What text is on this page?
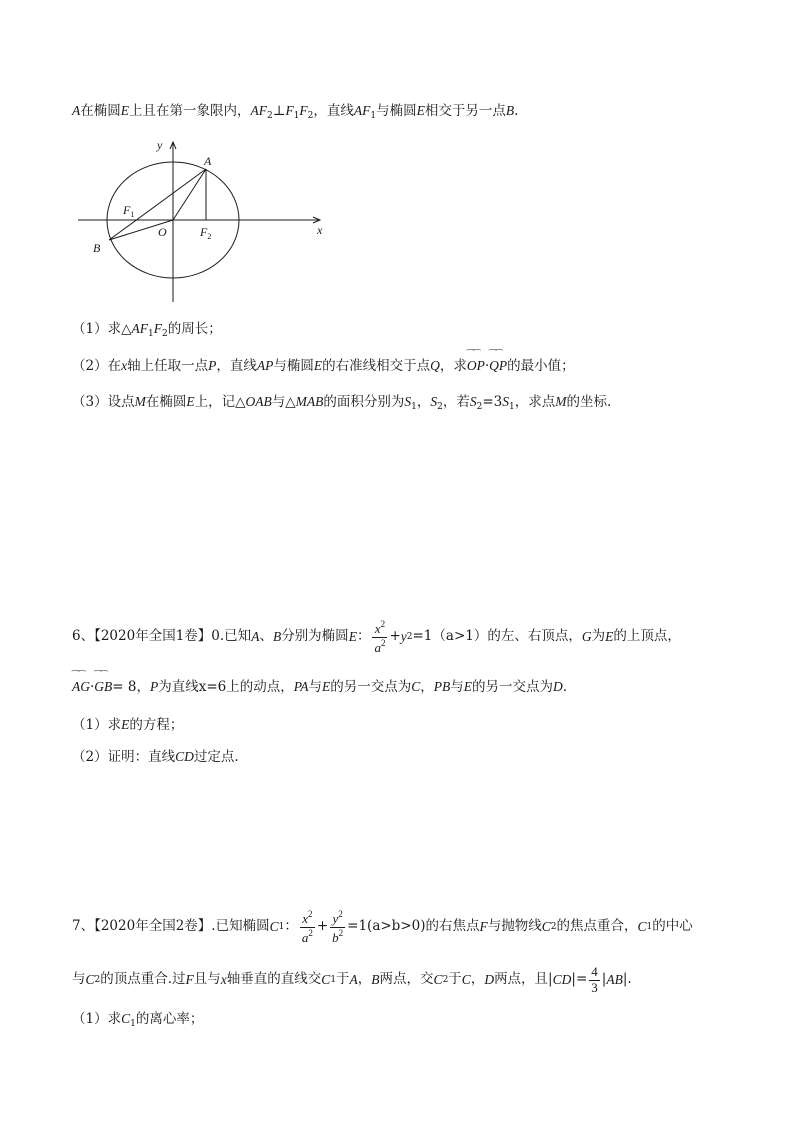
A在椭圆E上且在第一象限内，$AF_2\perp F_1F_2$，直线$AF_1$与椭圆E相交于另一点B.
y
x
A
B
O
$F_1$
$F_2$
（1）求$\triangle AF_1F_2$的周长；
（2）在x轴上任取一点P，直线AP与椭圆E的右准线相交于点Q，求⁀⁀ OP·⁀⁀ QP的最小值；
（3）设点M在椭圆E上，记△OAB与△MAB的面积分别为$S_1$，$S_2$，若$S_2=3S_1$，求点M的坐标.
6、【2020年全国1卷】 0.已知 A 、 B 分别为椭圆 E ： $\frac{x^2}{a^2} + y$ 2 =1 （a>1）的左、右顶点， G 为 E 的上顶点，
⁀⁀ AG·⁀⁀ GB= 8，P为直线x=6上的动点，PA与E的另一交点为C，PB与E的另一交点为D.
（1）求E的方程；
（2）证明：直线CD过定点.
7、【2020年全国2卷】 .已知椭圆 C 1 ： $\frac{x^2}{a^2} + \frac{y^2}{b^2} =1(a>b>0)$的右焦点 F 与抛物线 C 2 的焦点重合， C 1 的中心
与 C 2 的顶点重合.过 F 且与 x 轴垂直的直线交 C 1 于 A ， B 两点，交 C 2 于 C ， D 两点，且| CD |= $\frac{4}{3}$ | AB |.
（1）求$C_1$的离心率；
